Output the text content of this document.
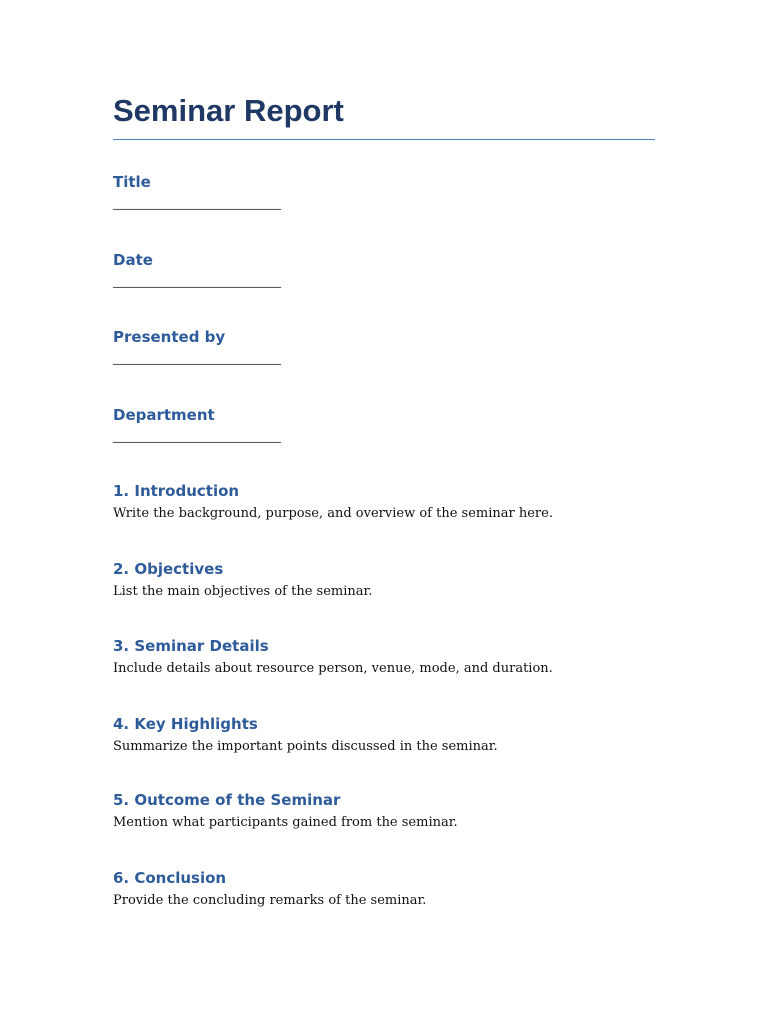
Seminar Report
Title
________________________
Date
________________________
Presented by
________________________
Department
________________________
1. Introduction

Write the background, purpose, and overview of the seminar here.

2. Objectives

List the main objectives of the seminar.

3. Seminar Details

Include details about resource person, venue, mode, and duration.

4. Key Highlights

Summarize the important points discussed in the seminar.

5. Outcome of the Seminar

Mention what participants gained from the seminar.

6. Conclusion

Provide the concluding remarks of the seminar.
